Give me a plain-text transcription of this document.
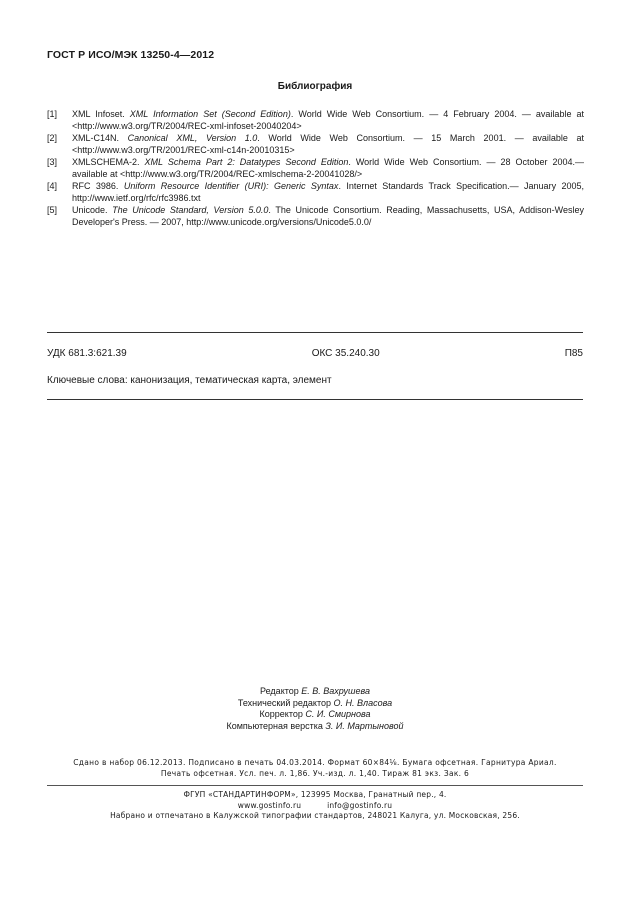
ГОСТ Р ИСО/МЭК 13250-4—2012
Библиография
[1]	XML Infoset. XML Information Set (Second Edition). World Wide Web Consortium. — 4 February 2004. — available at <http://www.w3.org/TR/2004/REC-xml-infoset-20040204>
[2]	XML-C14N. Canonical XML, Version 1.0. World Wide Web Consortium. — 15 March 2001. — available at <http://www.w3.org/TR/2001/REC-xml-c14n-20010315>
[3]	XMLSCHEMA-2. XML Schema Part 2: Datatypes Second Edition. World Wide Web Consortium. — 28 October 2004.— available at <http://www.w3.org/TR/2004/REC-xmlschema-2-20041028/>
[4]	RFC 3986. Uniform Resource Identifier (URI): Generic Syntax. Internet Standards Track Specification.— January 2005, http://www.ietf.org/rfc/rfc3986.txt
[5]	Unicode. The Unicode Standard, Version 5.0.0. The Unicode Consortium. Reading, Massachusetts, USA, Addison-Wesley Developer's Press. — 2007, http://www.unicode.org/versions/Unicode5.0.0/
УДК 681.3:621.39	ОКС 35.240.30	П85
Ключевые слова: канонизация, тематическая карта, элемент
Редактор Е. В. Вахрушева
Технический редактор О. Н. Власова
Корректор С. И. Смирнова
Компьютерная верстка З. И. Мартыновой
Сдано в набор 06.12.2013. Подписано в печать 04.03.2014. Формат 60×84⅛. Бумага офсетная. Гарнитура Ариал.
Печать офсетная. Усл. печ. л. 1,86. Уч.-изд. л. 1,40. Тираж 81 экз. Зак. 6
ФГУП «СТАНДАРТИНФОРМ», 123995 Москва, Гранатный пер., 4.
www.gostinfo.ru          info@gostinfo.ru
Набрано и отпечатано в Калужской типографии стандартов, 248021 Калуга, ул. Московская, 256.
